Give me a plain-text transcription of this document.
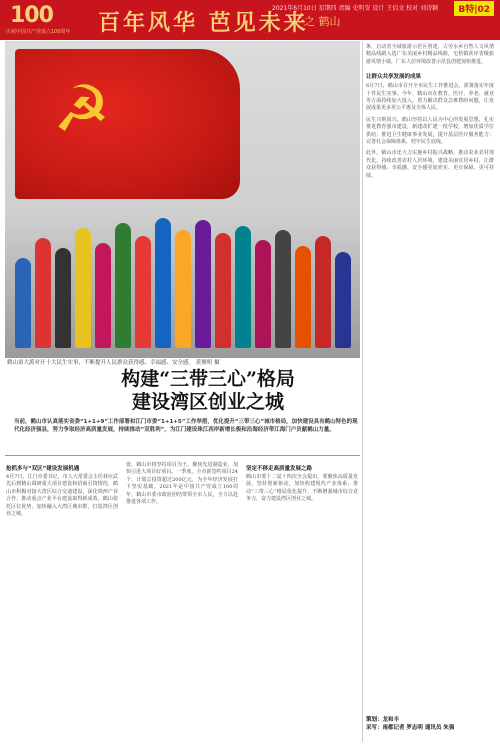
100
庆祝中国共产党成立100周年 百年风华 芭见未来
之 鹤山
2021年6月10日 星期四 责编 史明安 设计 王佰文 校对 刘诗颖	B特|02
☭
鹤山童大派对开十大民生实事，不断提升人民群众获得感、幸福感、安全感。 黄俊明 摄
构建“三带三心”格局
建设湾区创业之城
当前，鹤山市认真落实省委“1+1+9”工作部署和江门市委“1+1+5”工作举措，优化提升“三带三心”城市格局，加快建设具有鹤山特色的现代化经济强县，努力争取经济高质量发展，持续推动“双胜利”，为江门建设珠江西岸新增长极和沿海经济带江海门户贡献鹤山力量。
抢抓多与“双区”建设发展机遇
4月7日，江门市委书记、市人大常委会主任林应武先后到鹤山调研重大项目建设和招商引资情况，鹤山市积极对接大湾区综合交通建设，深化珠西产业合作，推动重点产业平台建设取得新成效。鹤山依托区位优势，加快融入大湾区城市群，打造湾区创业之城。
设，鹤山市将坚持项目为王，聚焦先进制造业，加快引进大项目好项目。一季度，全市新签约项目24个，计划总投资超过200亿元，为全年经济发展打下坚实基础。2021年是中国共产党成立100周年，鹤山市委市政府团结带领全市人民，全力以赴推进各项工作。
坚定不移走高质量发展之路
鹤山市委十二届十四次全会提出，要聚焦高质量发展，坚持创新驱动，加快构建现代产业体系，推动“三带三心”格局优化提升，不断增强城市综合竞争力，奋力建设湾区创业之城。
条，启动省全域旅游示范区创建，古劳水乡自然人文风情精品线路入选广东美丽乡村精品线路，宅梧镇获评省级旅游风情小镇，广东人居环境改善示范县创建加快推进。
让群众共享发展的成果
6月7日，鹤山市召开全市民生工作推进会，部署落实年度十件民生实事。今年，鹤山市在教育、医疗、养老、就业等方面持续加大投入，着力解决群众急难愁盼问题，让发展成果更多更公平惠及全体人民。
民生兴则国兴。鹤山坚持以人民为中心的发展思想，扎实推进教育强市建设，新建改扩建一批学校，增加优质学位供给；推进卫生健康事业发展，提升基层医疗服务能力；完善社会保障体系，兜牢民生底线。
此外，鹤山市还大力实施乡村振兴战略，推动农业农村现代化，持续改善农村人居环境，建设美丽宜居乡村，让群众获得感、幸福感、安全感更加充实、更有保障、更可持续。
策划：龙和丰
采写：南都记者 罗志明 通讯员 朱强
